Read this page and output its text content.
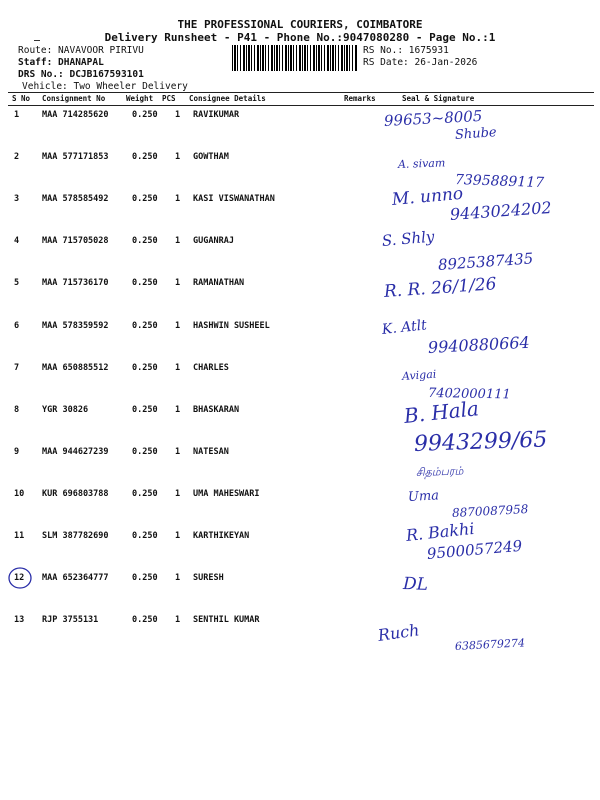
THE PROFESSIONAL COURIERS, COIMBATORE
Delivery Runsheet - P41 - Phone No.:9047080280 - Page No.:1
Route: NAVAVOOR PIRIVU
Staff: DHANAPAL
DRS No.: DCJB167593101
Vehicle: Two Wheeler Delivery
RS No.: 1675931
RS Date: 26-Jan-2026
S No Consignment No	Weight PCS Consignee Details	Remarks	Seal & Signature
1	MAA 714285620	0.250 1 RAVIKUMAR	99653~8005
Shube
2	MAA 577171853	0.250 1 GOWTHAM	A. sivam
7395889117
3	MAA 578585492	0.250 1 KASI VISWANATHAN	M. unno
9443024202
4	MAA 715705028	0.250 1 GUGANRAJ	S. Shly
8925387435
5	MAA 715736170	0.250 1 RAMANATHAN	R. R. 26/1/26
6	MAA 578359592	0.250 1 HASHWIN SUSHEEL	K. Atlt
9940880664
7	MAA 650885512	0.250 1 CHARLES
Avigai
7402000111
8	YGR 30826	0.250 1 BHASKARAN	B. Hala
9	MAA 944627239	0.250 1 NATESAN	9943299/65
சிதம்பரம்
10 KUR 696803788	0.250 1 UMA MAHESWARI	Uma
8870087958
11 SLM 387782690	0.250 1 KARTHIKEYAN	R. Bakhi
9500057249
12 MAA 652364777	0.250 1 SURESH	DL
13 RJP 3755131	0.250 1 SENTHIL KUMAR
Ruch	6385679274
